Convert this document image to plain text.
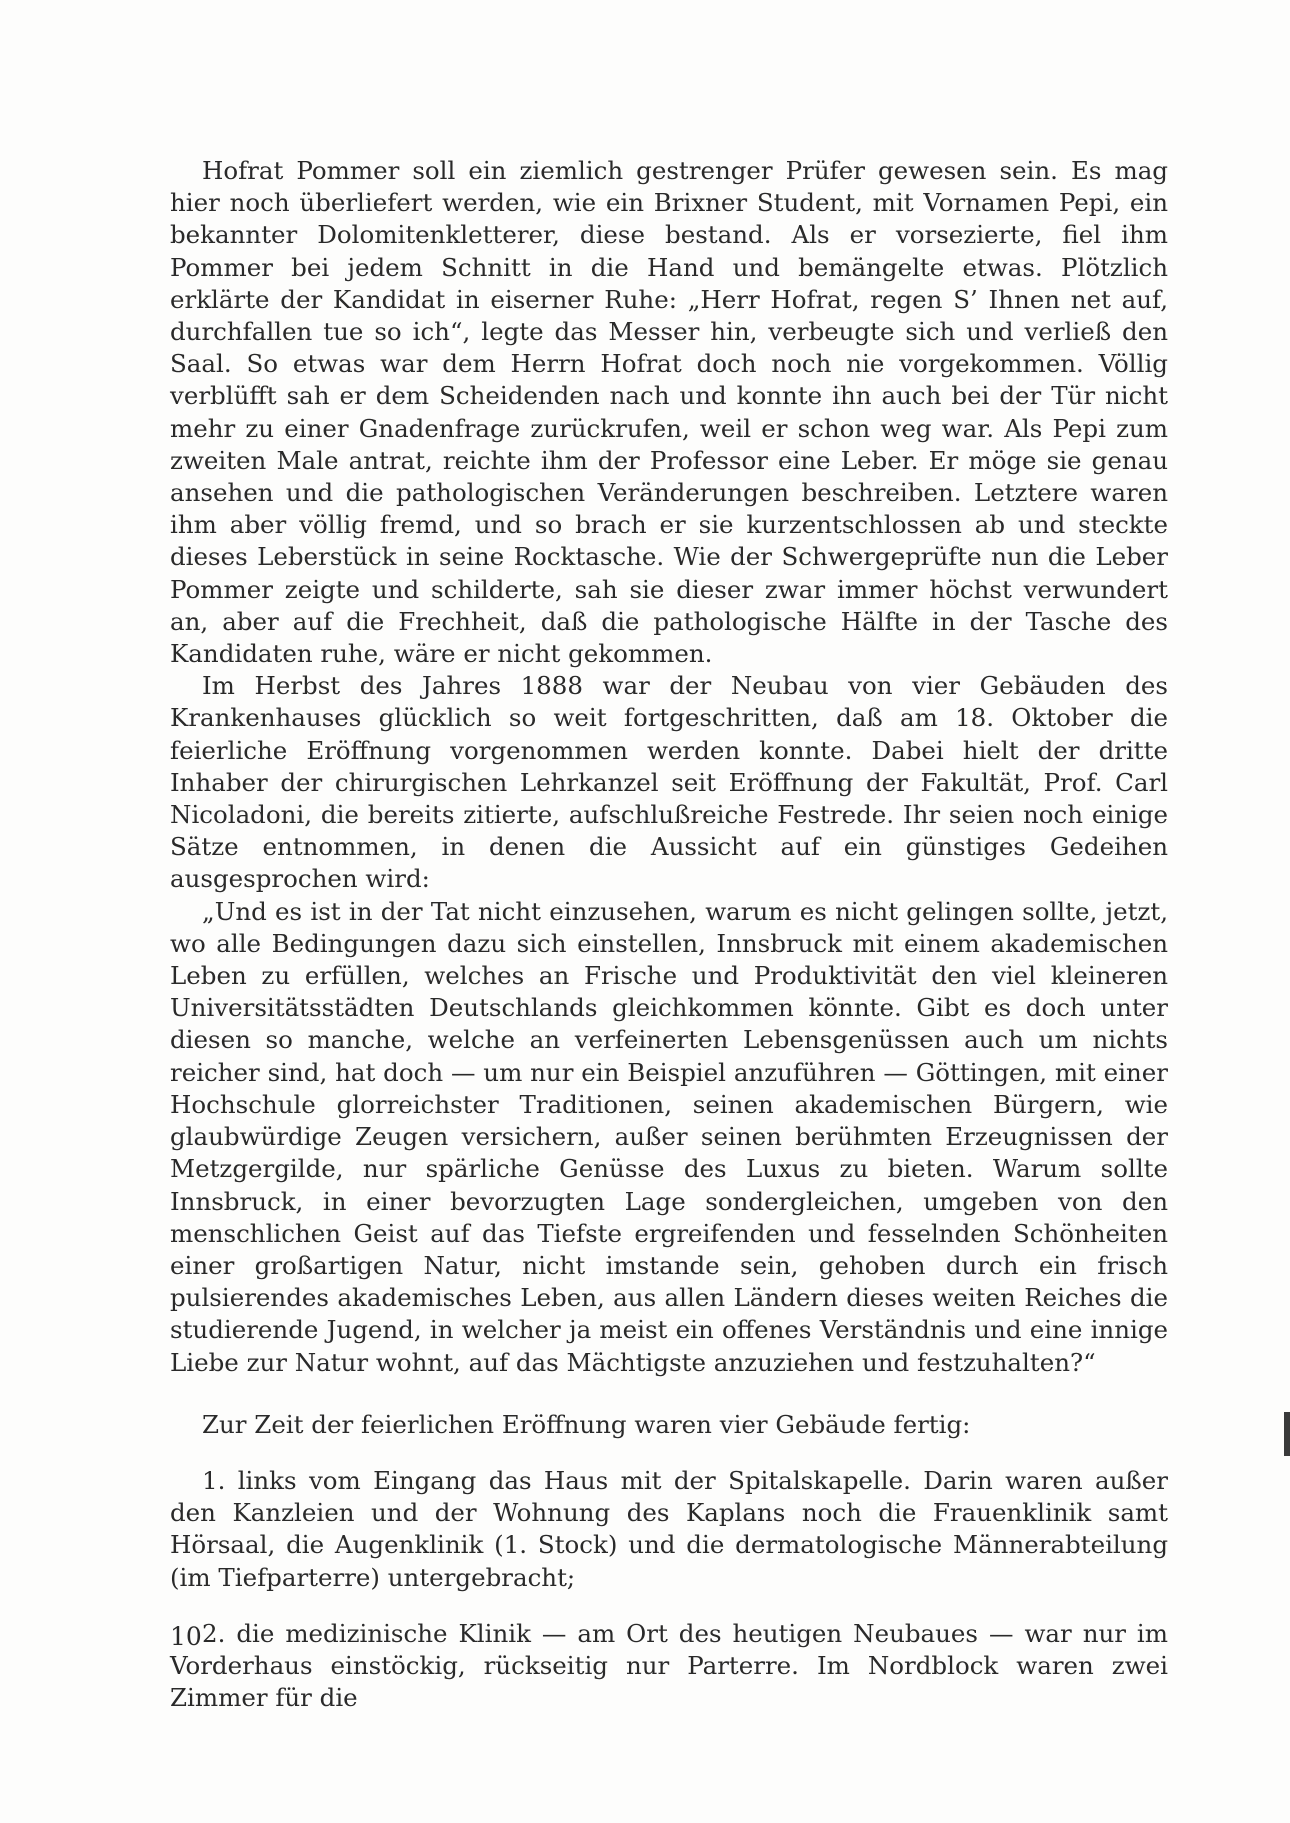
Hofrat Pommer soll ein ziemlich gestrenger Prüfer gewesen sein. Es mag hier noch überliefert werden, wie ein Brixner Student, mit Vornamen Pepi, ein bekannter Dolomitenkletterer, diese bestand. Als er vorsezierte, fiel ihm Pommer bei jedem Schnitt in die Hand und bemängelte etwas. Plötzlich erklärte der Kandidat in eiserner Ruhe: „Herr Hofrat, regen S’ Ihnen net auf, durchfallen tue so ich“, legte das Messer hin, verbeugte sich und verließ den Saal. So etwas war dem Herrn Hofrat doch noch nie vorgekommen. Völlig verblüfft sah er dem Scheidenden nach und konnte ihn auch bei der Tür nicht mehr zu einer Gnadenfrage zurückrufen, weil er schon weg war. Als Pepi zum zweiten Male antrat, reichte ihm der Professor eine Leber. Er möge sie genau ansehen und die pathologischen Veränderungen beschreiben. Letztere waren ihm aber völlig fremd, und so brach er sie kurzentschlossen ab und steckte dieses Leberstück in seine Rocktasche. Wie der Schwergeprüfte nun die Leber Pommer zeigte und schilderte, sah sie dieser zwar immer höchst verwundert an, aber auf die Frechheit, daß die pathologische Hälfte in der Tasche des Kandidaten ruhe, wäre er nicht gekommen.

Im Herbst des Jahres 1888 war der Neubau von vier Gebäuden des Krankenhauses glücklich so weit fortgeschritten, daß am 18. Oktober die feierliche Eröffnung vorgenommen werden konnte. Dabei hielt der dritte Inhaber der chirurgischen Lehrkanzel seit Eröffnung der Fakultät, Prof. Carl Nicoladoni, die bereits zitierte, aufschlußreiche Festrede. Ihr seien noch einige Sätze entnommen, in denen die Aussicht auf ein günstiges Gedeihen ausgesprochen wird:

„Und es ist in der Tat nicht einzusehen, warum es nicht gelingen sollte, jetzt, wo alle Bedingungen dazu sich einstellen, Innsbruck mit einem akademischen Leben zu erfüllen, welches an Frische und Produktivität den viel kleineren Universitätsstädten Deutschlands gleichkommen könnte. Gibt es doch unter diesen so manche, welche an verfeinerten Lebensgenüssen auch um nichts reicher sind, hat doch — um nur ein Beispiel anzuführen — Göttingen, mit einer Hochschule glorreichster Traditionen, seinen akademischen Bürgern, wie glaubwürdige Zeugen versichern, außer seinen berühmten Erzeugnissen der Metzgergilde, nur spärliche Genüsse des Luxus zu bieten. Warum sollte Innsbruck, in einer bevorzugten Lage sondergleichen, umgeben von den menschlichen Geist auf das Tiefste ergreifenden und fesselnden Schönheiten einer großartigen Natur, nicht imstande sein, gehoben durch ein frisch pulsierendes akademisches Leben, aus allen Ländern dieses weiten Reiches die studierende Jugend, in welcher ja meist ein offenes Verständnis und eine innige Liebe zur Natur wohnt, auf das Mächtigste anzuziehen und festzuhalten?“

Zur Zeit der feierlichen Eröffnung waren vier Gebäude fertig:

1. links vom Eingang das Haus mit der Spitalskapelle. Darin waren außer den Kanzleien und der Wohnung des Kaplans noch die Frauenklinik samt Hörsaal, die Augenklinik (1. Stock) und die dermatologische Männerabteilung (im Tiefparterre) untergebracht;

2. die medizinische Klinik — am Ort des heutigen Neubaues — war nur im Vorderhaus einstöckig, rückseitig nur Parterre. Im Nordblock waren zwei Zimmer für die

10
